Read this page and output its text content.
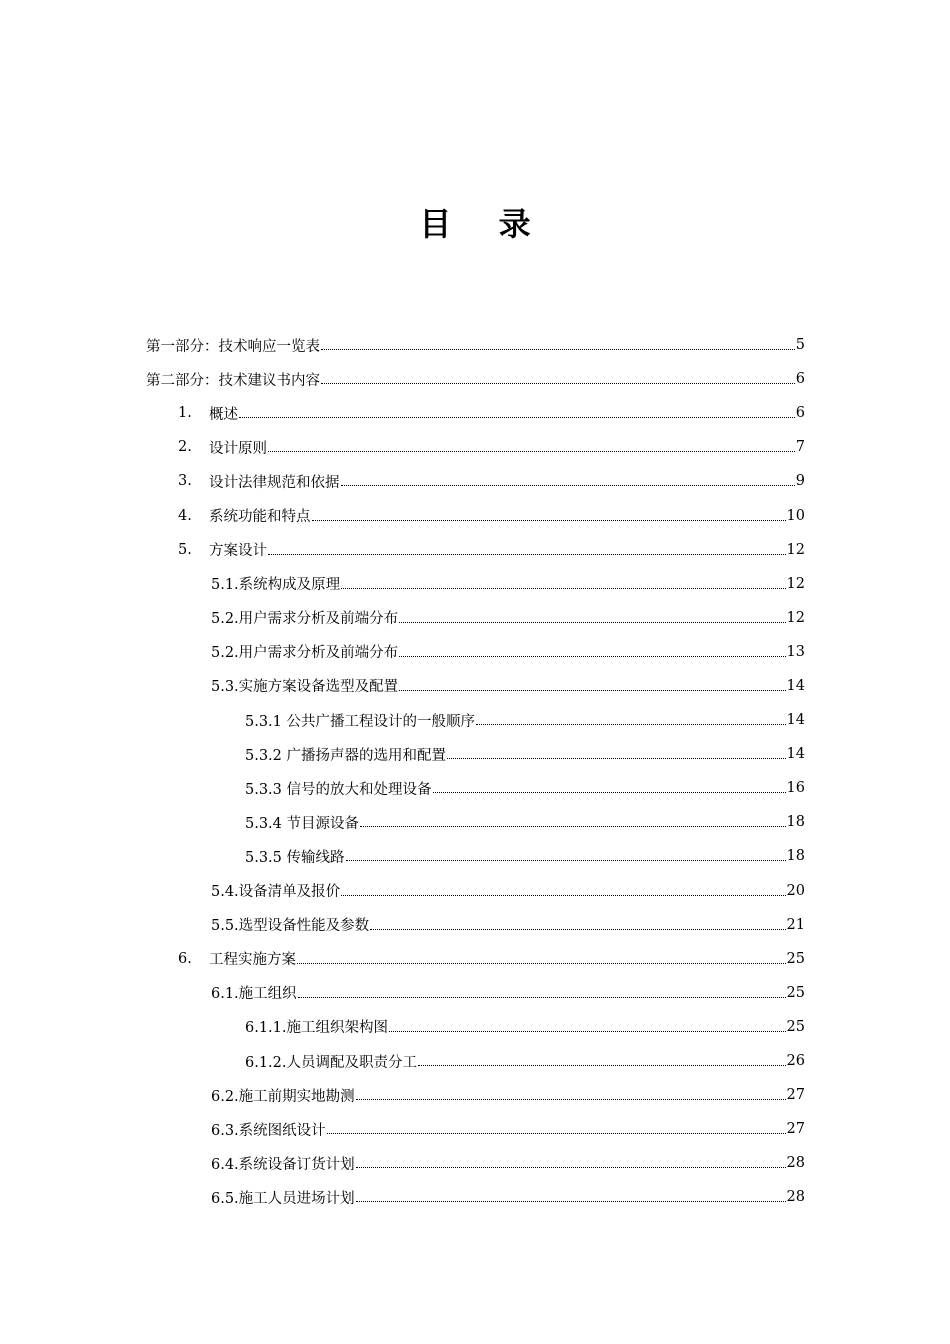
目 录
第一部分：技术响应一览表	5
第二部分：技术建议书内容	6
1.	概述	6
2.	设计原则	7
3.	设计法律规范和依据	9
4.	系统功能和特点	10
5.	方案设计	12
5.1.系统构成及原理	12
5.2.用户需求分析及前端分布	12
5.2.用户需求分析及前端分布	13
5.3.实施方案设备选型及配置	14
5.3.1 公共广播工程设计的一般顺序	14
5.3.2 广播扬声器的选用和配置	14
5.3.3 信号的放大和处理设备	16
5.3.4 节目源设备	18
5.3.5 传输线路	18
5.4.设备清单及报价	20
5.5.选型设备性能及参数	21
6.	工程实施方案	25
6.1.施工组织	25
6.1.1.施工组织架构图	25
6.1.2.人员调配及职责分工	26
6.2.施工前期实地勘测	27
6.3.系统图纸设计	27
6.4.系统设备订货计划	28
6.5.施工人员进场计划	28
